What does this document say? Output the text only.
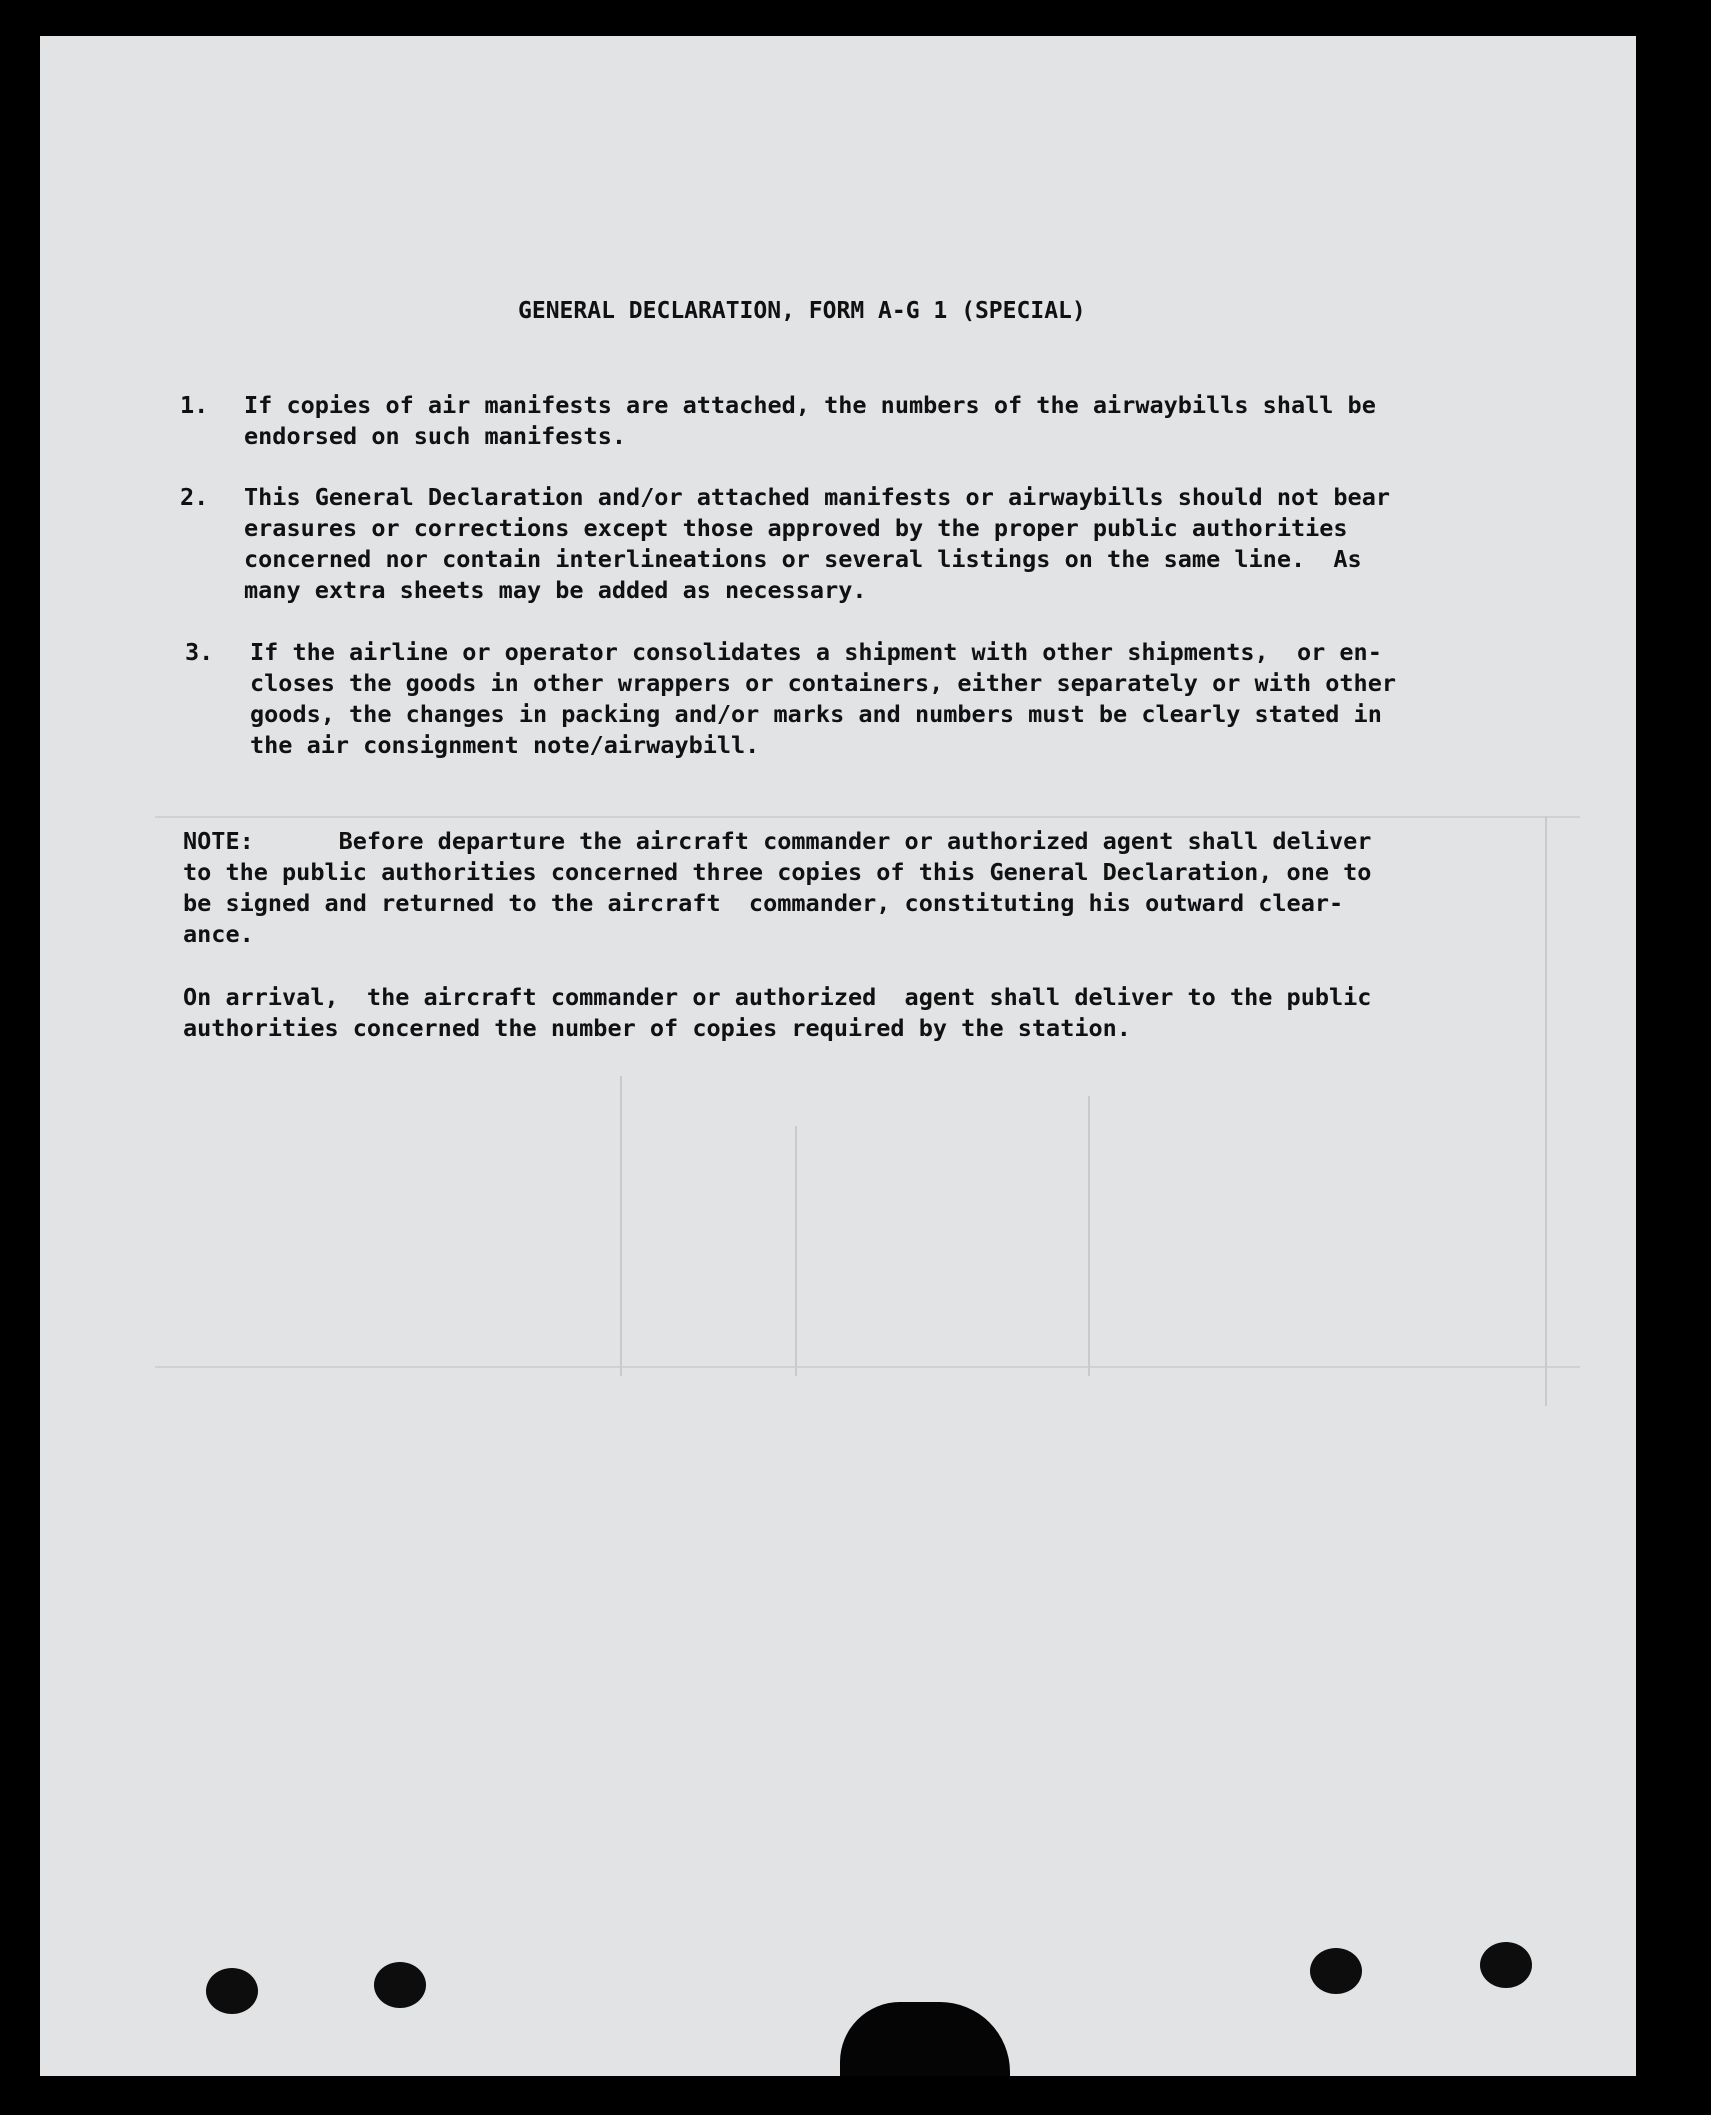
GENERAL DECLARATION, FORM A-G 1 (SPECIAL)
1. If copies of air manifests are attached, the numbers of the airwaybills shall be
endorsed on such manifests.
2. This General Declaration and/or attached manifests or airwaybills should not bear
erasures or corrections except those approved by the proper public authorities
concerned nor contain interlineations or several listings on the same line.  As
many extra sheets may be added as necessary.
3. If the airline or operator consolidates a shipment with other shipments,  or en-
closes the goods in other wrappers or containers, either separately or with other
goods, the changes in packing and/or marks and numbers must be clearly stated in
the air consignment note/airwaybill.
NOTE:      Before departure the aircraft commander or authorized agent shall deliver
to the public authorities concerned three copies of this General Declaration, one to
be signed and returned to the aircraft  commander, constituting his outward clear-
ance.
On arrival,  the aircraft commander or authorized  agent shall deliver to the public
authorities concerned the number of copies required by the station.
